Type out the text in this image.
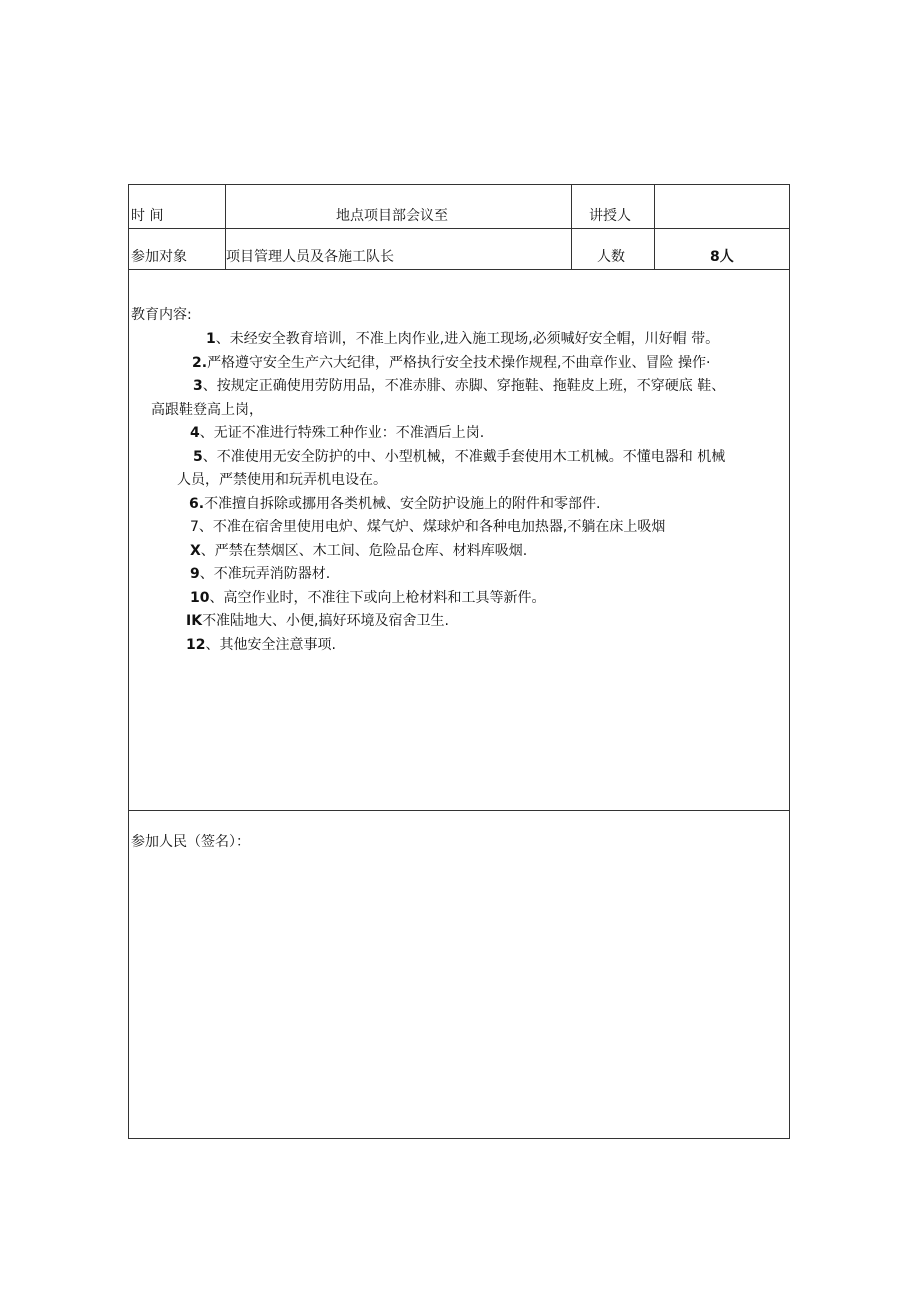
时 间	地点项目部会议至	讲授人
参加对象	项目管理人员及各施工队长	人数	8人
教育内容:
1、未经安全教育培训，不准上肉作业,进入施工现场,必须喊好安全帽，川好帽 带。
2.严格遵守安全生产六大纪律，严格执行安全技术操作规程,不曲章作业、冒险 操作·
3、按规定正确使用劳防用品，不准赤腓、赤脚、穿拖鞋、拖鞋皮上班，不穿硬底 鞋、
高跟鞋登高上岗，
4、无证不准进行特殊工种作业：不准酒后上岗.
5、不准使用无安全防护的中、小型机械，不准戴手套使用木工机械。不懂电器和 机械
人员，严禁使用和玩弄机电设在。
6.不准擅自拆除或挪用各类机械、安全防护设施上的附件和零部件.
7、不准在宿舍里使用电炉、煤气炉、煤球炉和各种电加热器,不躺在床上吸烟
X、严禁在禁烟区、木工间、危险品仓库、材料库吸烟.
9、不准玩弄消防器材.
10、高空作业时，不准往下或向上枪材料和工具等新件。
IK不准陆地大、小便,搞好环境及宿舍卫生.
12、其他安全注意事项.
参加人民（签名）：
